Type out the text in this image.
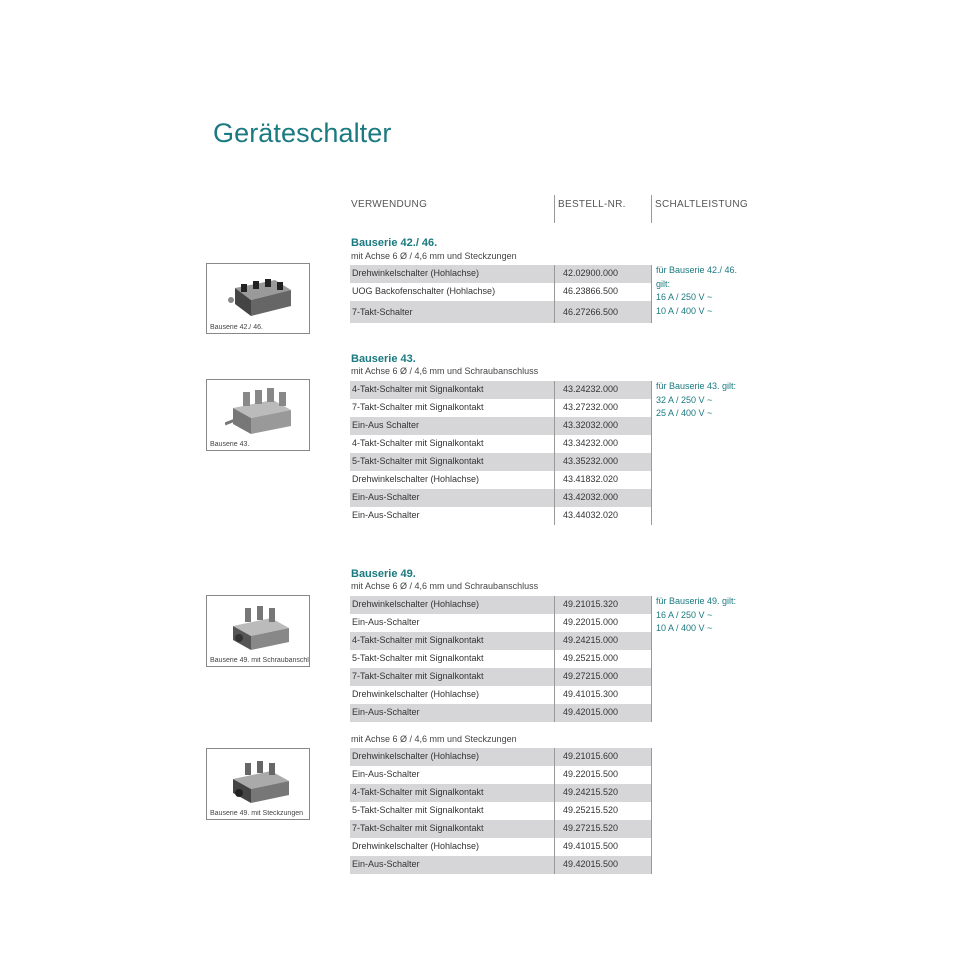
Geräteschalter
VERWENDUNG	BESTELL-NR.	SCHALTLEISTUNG
Bauserie 42./ 46.
mit Achse 6 Ø / 4,6 mm und Steckzungen
Drehwinkelschalter (Hohlachse)	42.02900.000
UOG Backofenschalter (Hohlachse)	46.23866.500
7-Takt-Schalter	46.27266.500
für Bauserie 42./ 46.
gilt:
16 A / 250 V ~
10 A / 400 V ~
Bauserie 42./ 46.
Bauserie 43.
mit Achse 6 Ø / 4,6 mm und Schraubanschluss
4-Takt-Schalter mit Signalkontakt	43.24232.000
7-Takt-Schalter mit Signalkontakt	43.27232.000
Ein-Aus Schalter	43.32032.000
4-Takt-Schalter mit Signalkontakt	43.34232.000
5-Takt-Schalter mit Signalkontakt	43.35232.000
Drehwinkelschalter (Hohlachse)	43.41832.020
Ein-Aus-Schalter	43.42032.000
Ein-Aus-Schalter	43.44032.020
für Bauserie 43. gilt:
32 A / 250 V ~
25 A / 400 V ~
Bauserie 43.
Bauserie 49.
mit Achse 6 Ø / 4,6 mm und Schraubanschluss
Drehwinkelschalter (Hohlachse)	49.21015.320
Ein-Aus-Schalter	49.22015.000
4-Takt-Schalter mit Signalkontakt	49.24215.000
5-Takt-Schalter mit Signalkontakt	49.25215.000
7-Takt-Schalter mit Signalkontakt	49.27215.000
Drehwinkelschalter (Hohlachse)	49.41015.300
Ein-Aus-Schalter	49.42015.000
für Bauserie 49. gilt:
16 A / 250 V ~
10 A / 400 V ~
Bauserie 49. mit Schraubanschl
mit Achse 6 Ø / 4,6 mm und Steckzungen
Drehwinkelschalter (Hohlachse)	49.21015.600
Ein-Aus-Schalter	49.22015.500
4-Takt-Schalter mit Signalkontakt	49.24215.520
5-Takt-Schalter mit Signalkontakt	49.25215.520
7-Takt-Schalter mit Signalkontakt	49.27215.520
Drehwinkelschalter (Hohlachse)	49.41015.500
Ein-Aus-Schalter	49.42015.500
Bauserie 49. mit Steckzungen
